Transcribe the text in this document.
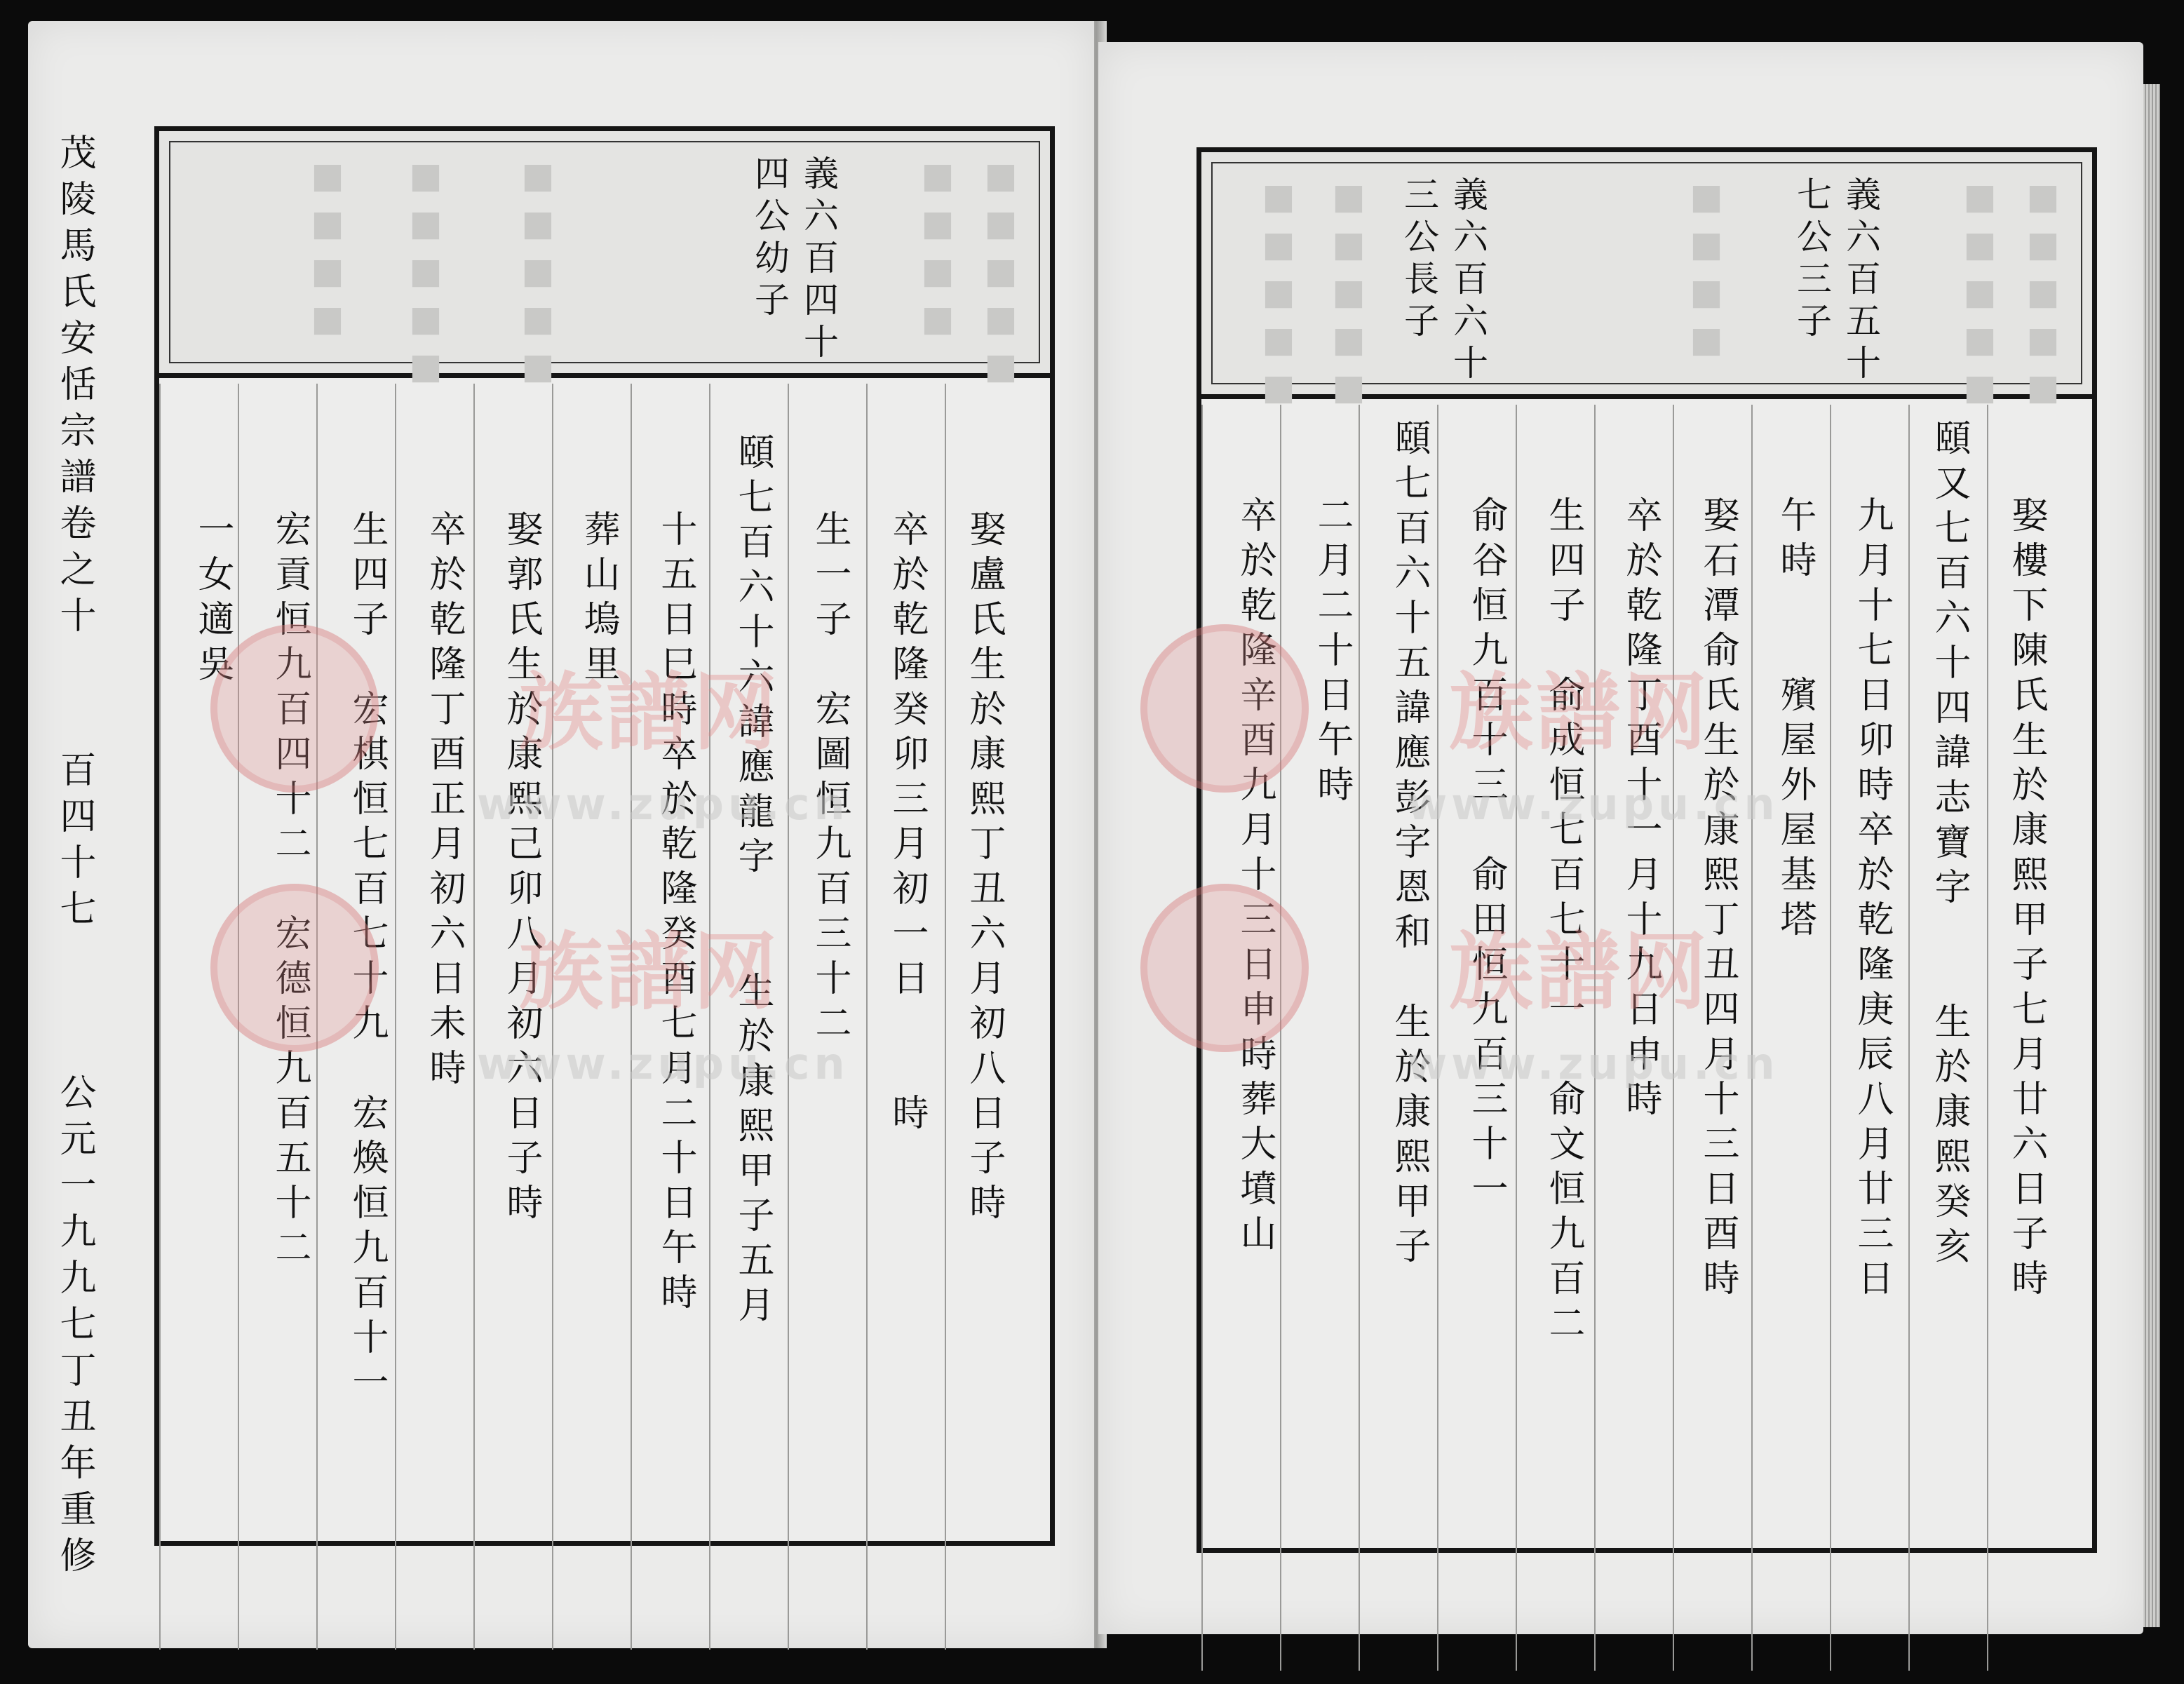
茂陵馬氏安恬宗譜卷之十
百四十七
公元一九九七丁丑年重修
■■■■ ■■■■■ ■■■■■	義六百四十
四公幼子	■■■■ ■■■■■
娶盧氏生於康熙丁丑六月初八日子時
卒於乾隆癸卯三月初一日　　時
生一子　宏圖恒九百三十二
頤七百六十六諱應龍字　　生於康熙甲子五月
十五日巳時卒於乾隆癸酉七月二十日午時
葬山塢里
娶郭氏生於康熙己卯八月初六日子時
卒於乾隆丁酉正月初六日未時
生四子　宏棋恒七百七十九　宏煥恒九百十一
宏貢恒九百四十二　宏德恒九百五十二
一女適吳
族譜网
族譜网
www.zupu.cn
www.zupu.cn
■■■■■ ■■■■■ 義六百六十
三公長子	■■■■	義六百五十
七公三子	■■■■■ ■■■■■
娶樓下陳氏生於康熙甲子七月廿六日子時
頤又七百六十四諱志寶字　　生於康熙癸亥
九月十七日卯時卒於乾隆庚辰八月廿三日
午時　　殯屋外屋基塔
娶石潭俞氏生於康熙丁丑四月十三日酉時
卒於乾隆丁酉十一月十九日申時
生四子　俞成恒七百七十一　俞文恒九百二
俞谷恒九百十三　俞田恒九百三十一
頤七百六十五諱應彭字恩和　生於康熙甲子
二月二十日午時
卒於乾隆辛酉九月十三日申時葬大墳山 族譜网
族譜网
www.zupu.cn
www.zupu.cn
